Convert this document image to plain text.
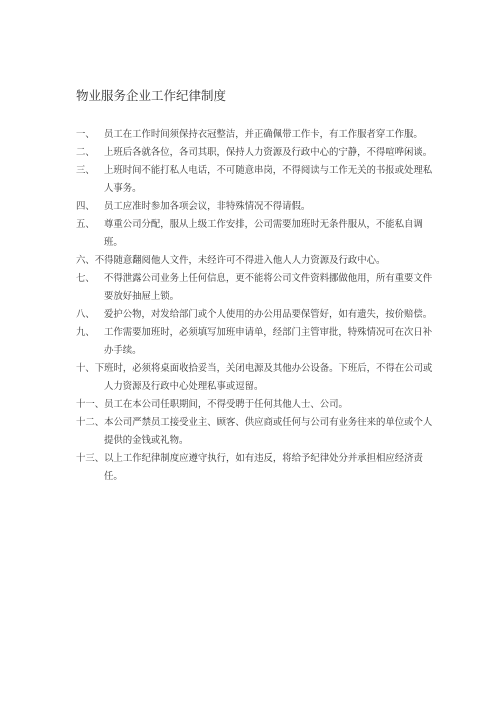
物业服务企业工作纪律制度

一、 员工在工作时间须保持衣冠整洁，并正确佩带工作卡，有工作服者穿工作服。

二、 上班后各就各位，各司其职，保持人力资源及行政中心的宁静，不得喧哗闲谈。

三、 上班时间不能打私人电话，不可随意串岗，不得阅读与工作无关的书报或处理私人事务。

四、 员工应准时参加各项会议，非特殊情况不得请假。

五、 尊重公司分配，服从上级工作安排，公司需要加班时无条件服从，不能私自调班。

六、不得随意翻阅他人文件，未经许可不得进入他人人力资源及行政中心。

七、 不得泄露公司业务上任何信息，更不能将公司文件资料挪做他用，所有重要文件要放好抽屉上锁。

八、 爱护公物，对发给部门或个人使用的办公用品要保管好，如有遗失，按价赔偿。

九、 工作需要加班时，必须填写加班申请单，经部门主管审批，特殊情况可在次日补办手续。

十、下班时，必须将桌面收拾妥当，关闭电源及其他办公设备。下班后，不得在公司或人力资源及行政中心处理私事或逗留。

十一、员工在本公司任职期间，不得受聘于任何其他人士、公司。

十二、本公司严禁员工接受业主、顾客、供应商或任何与公司有业务往来的单位或个人提供的金钱或礼物。

十三、以上工作纪律制度应遵守执行，如有违反，将给予纪律处分并承担相应经济责任。
